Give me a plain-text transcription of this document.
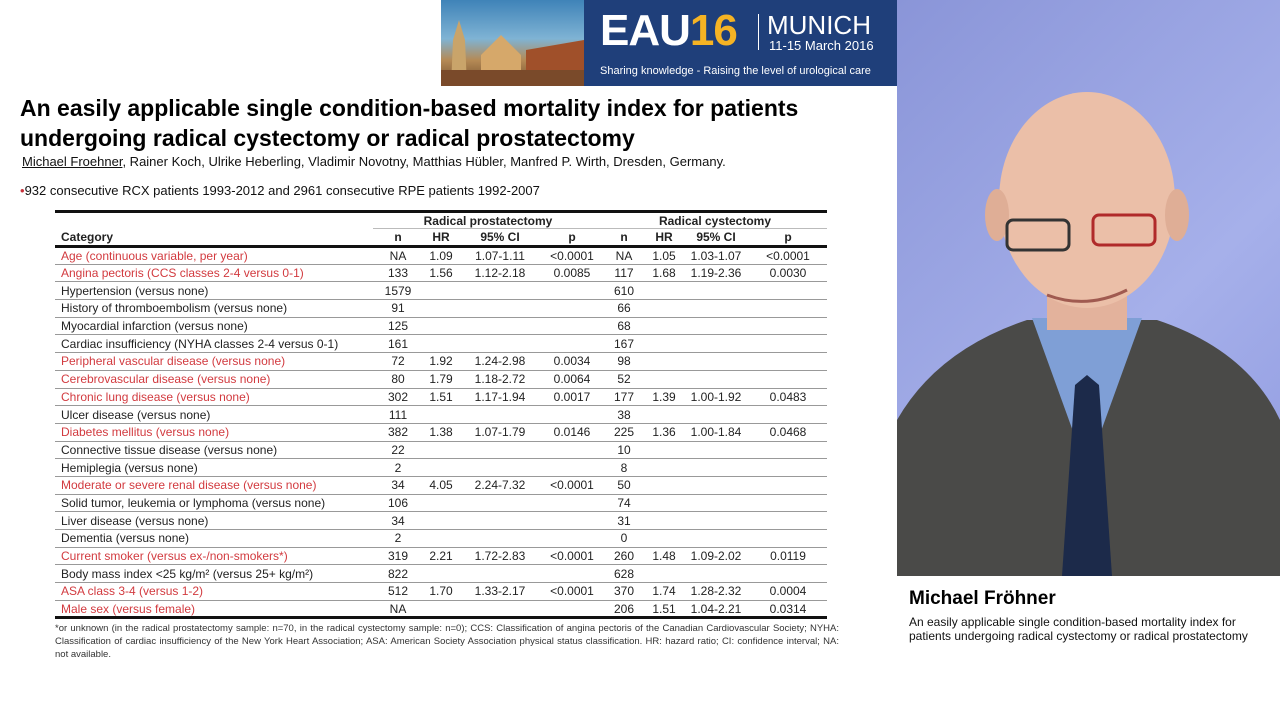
EAU16 MUNICH
11-15 March 2016
Sharing knowledge - Raising the level of urological care
An easily applicable single condition-based mortality index for patients undergoing radical cystectomy or radical prostatectomy
Michael Froehner, Rainer Koch, Ulrike Heberling, Vladimir Novotny, Matthias Hübler, Manfred P. Wirth, Dresden, Germany.
•932 consecutive RCX patients 1993-2012 and 2961 consecutive RPE patients 1992-2007
	Radical prostatectomy				Radical cystectomy			
Category	n	HR	95% CI	p	n	HR	95% CI	p
Age (continuous variable, per year)	NA	1.09	1.07-1.11	<0.0001	NA	1.05	1.03-1.07	<0.0001
Angina pectoris (CCS classes 2-4 versus 0-1)	133	1.56	1.12-2.18	0.0085	117	1.68	1.19-2.36	0.0030
Hypertension (versus none)	1579				610			
History of thromboembolism (versus none)	91				66			
Myocardial infarction (versus none)	125				68			
Cardiac insufficiency (NYHA classes 2-4 versus 0-1)	161				167			
Peripheral vascular disease (versus none)	72	1.92	1.24-2.98	0.0034	98			
Cerebrovascular disease (versus none)	80	1.79	1.18-2.72	0.0064	52			
Chronic lung disease (versus none)	302	1.51	1.17-1.94	0.0017	177	1.39	1.00-1.92	0.0483
Ulcer disease (versus none)	111				38			
Diabetes mellitus (versus none)	382	1.38	1.07-1.79	0.0146	225	1.36	1.00-1.84	0.0468
Connective tissue disease (versus none)	22				10			
Hemiplegia (versus none)	2				8			
Moderate or severe renal disease (versus none)	34	4.05	2.24-7.32	<0.0001	50			
Solid tumor, leukemia or lymphoma (versus none)	106				74			
Liver disease (versus none)	34				31			
Dementia (versus none)	2				0			
Current smoker (versus ex-/non-smokers*)	319	2.21	1.72-2.83	<0.0001	260	1.48	1.09-2.02	0.0119
Body mass index <25 kg/m² (versus 25+ kg/m²)	822				628			
ASA class 3-4 (versus 1-2)	512	1.70	1.33-2.17	<0.0001	370	1.74	1.28-2.32	0.0004
Male sex (versus female)	NA				206	1.51	1.04-2.21	0.0314
*or unknown (in the radical prostatectomy sample: n=70, in the radical cystectomy sample: n=0); CCS: Classification of angina pectoris of the Canadian Cardiovascular Society; NYHA: Classification of cardiac insufficiency of the New York Heart Association; ASA: American Society Association physical status classification. HR: hazard ratio; CI: confidence interval; NA: not available.
Michael Fröhner
An easily applicable single condition-based mortality index for patients undergoing radical cystectomy or radical prostatectomy
